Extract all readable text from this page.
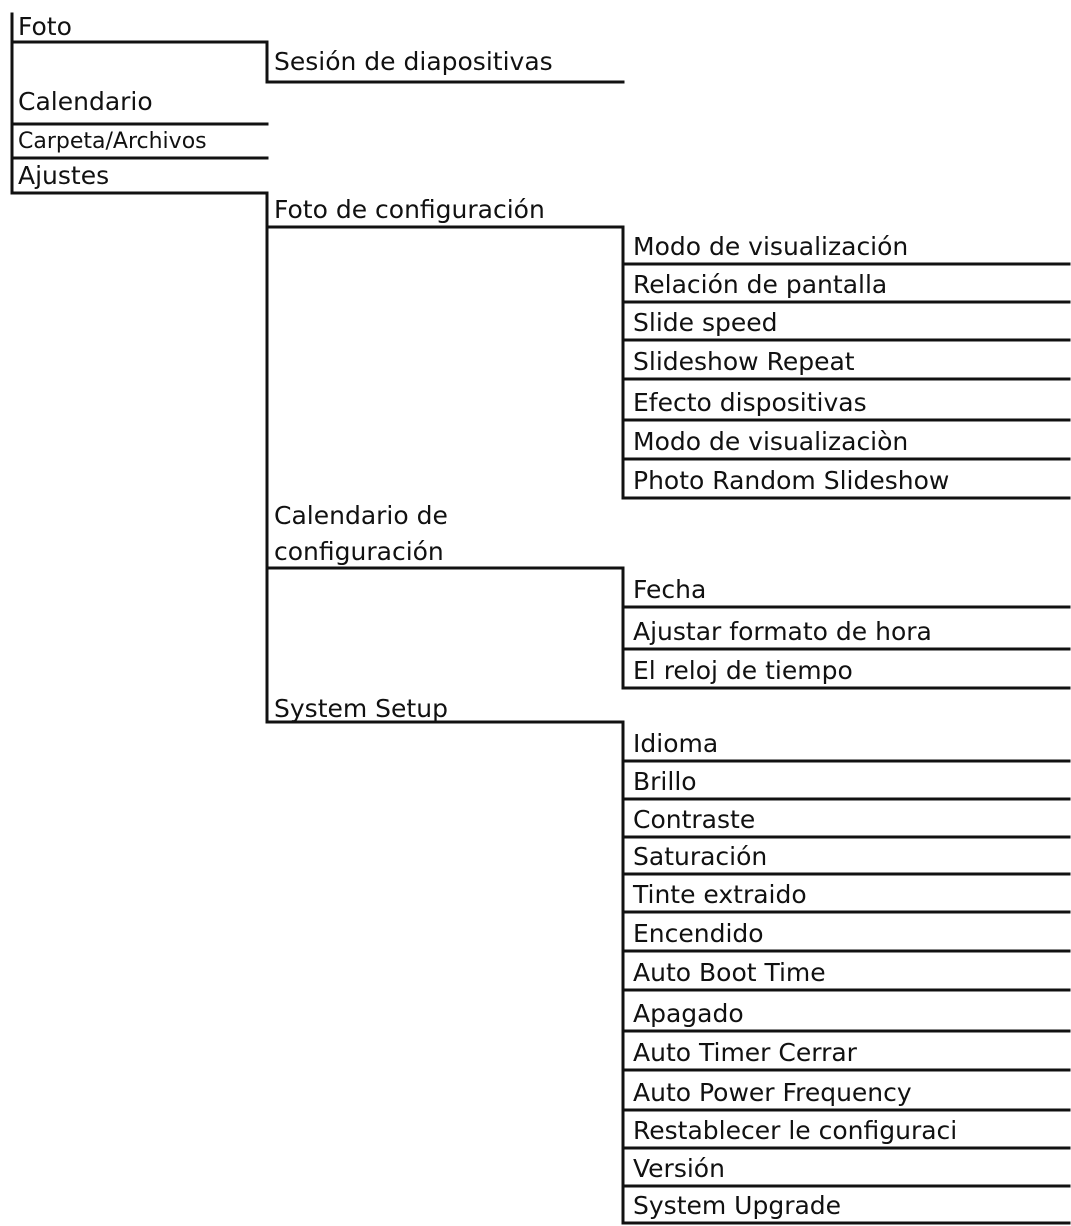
Foto
Calendario
Carpeta/Archivos
Ajustes
Sesión de diapositivas
Foto de configuración
Calendario de configuración
System Setup
Modo de visualización
Relación de pantalla
Slide speed
Slideshow Repeat
Efecto dispositivas
Modo de visualizaciòn
Photo Random Slideshow
Fecha
Ajustar formato de hora
El reloj de tiempo
Idioma
Brillo
Contraste
Saturación
Tinte extraido
Encendido
Auto Boot Time
Apagado
Auto Timer Cerrar
Auto Power Frequency
Restablecer le configuraci
Versión
System Upgrade
